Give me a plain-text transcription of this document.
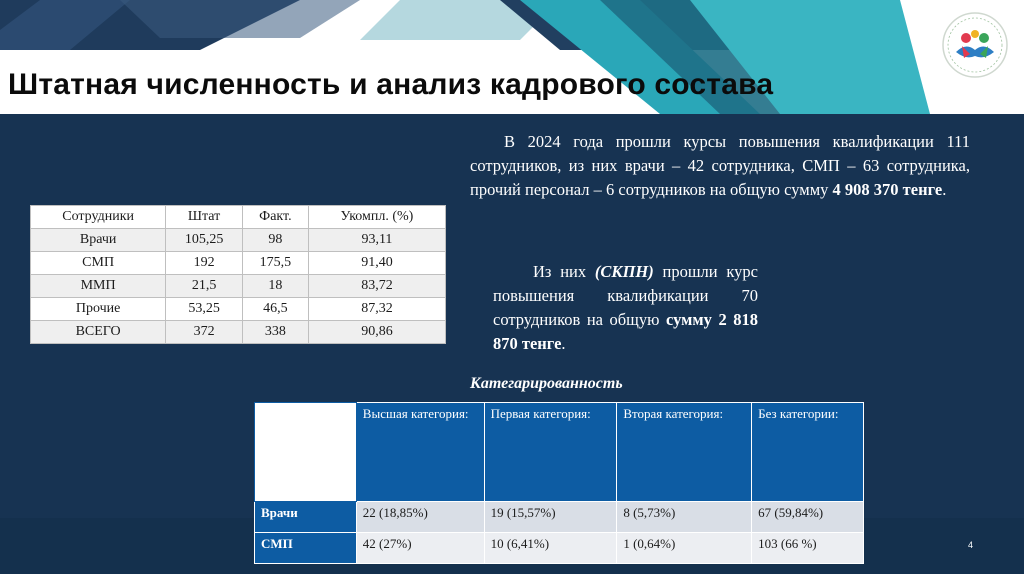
Штатная численность и анализ кадрового состава
Сотрудники	Штат	Факт.	Укомпл. (%)
Врачи	105,25	98	93,11
СМП	192	175,5	91,40
ММП	21,5	18	83,72
Прочие	53,25	46,5	87,32
ВСЕГО	372	338	90,86
В 2024 года прошли курсы повышения квалификации 111 сотрудников, из них врачи – 42 сотрудника, СМП – 63 сотрудника, прочий персонал – 6 сотрудников на общую сумму 4 908 370 тенге.
Из них (СКПН) прошли курс повышения квалификации 70 сотрудников на общую сумму 2 818 870 тенге.
Категарированность
	Высшая категория:	Первая категория:	Вторая категория:	Без категории:
Врачи	22 (18,85%)	19 (15,57%)	8 (5,73%)	67 (59,84%)
СМП	42 (27%)	10 (6,41%)	1 (0,64%)	103 (66 %)	4
